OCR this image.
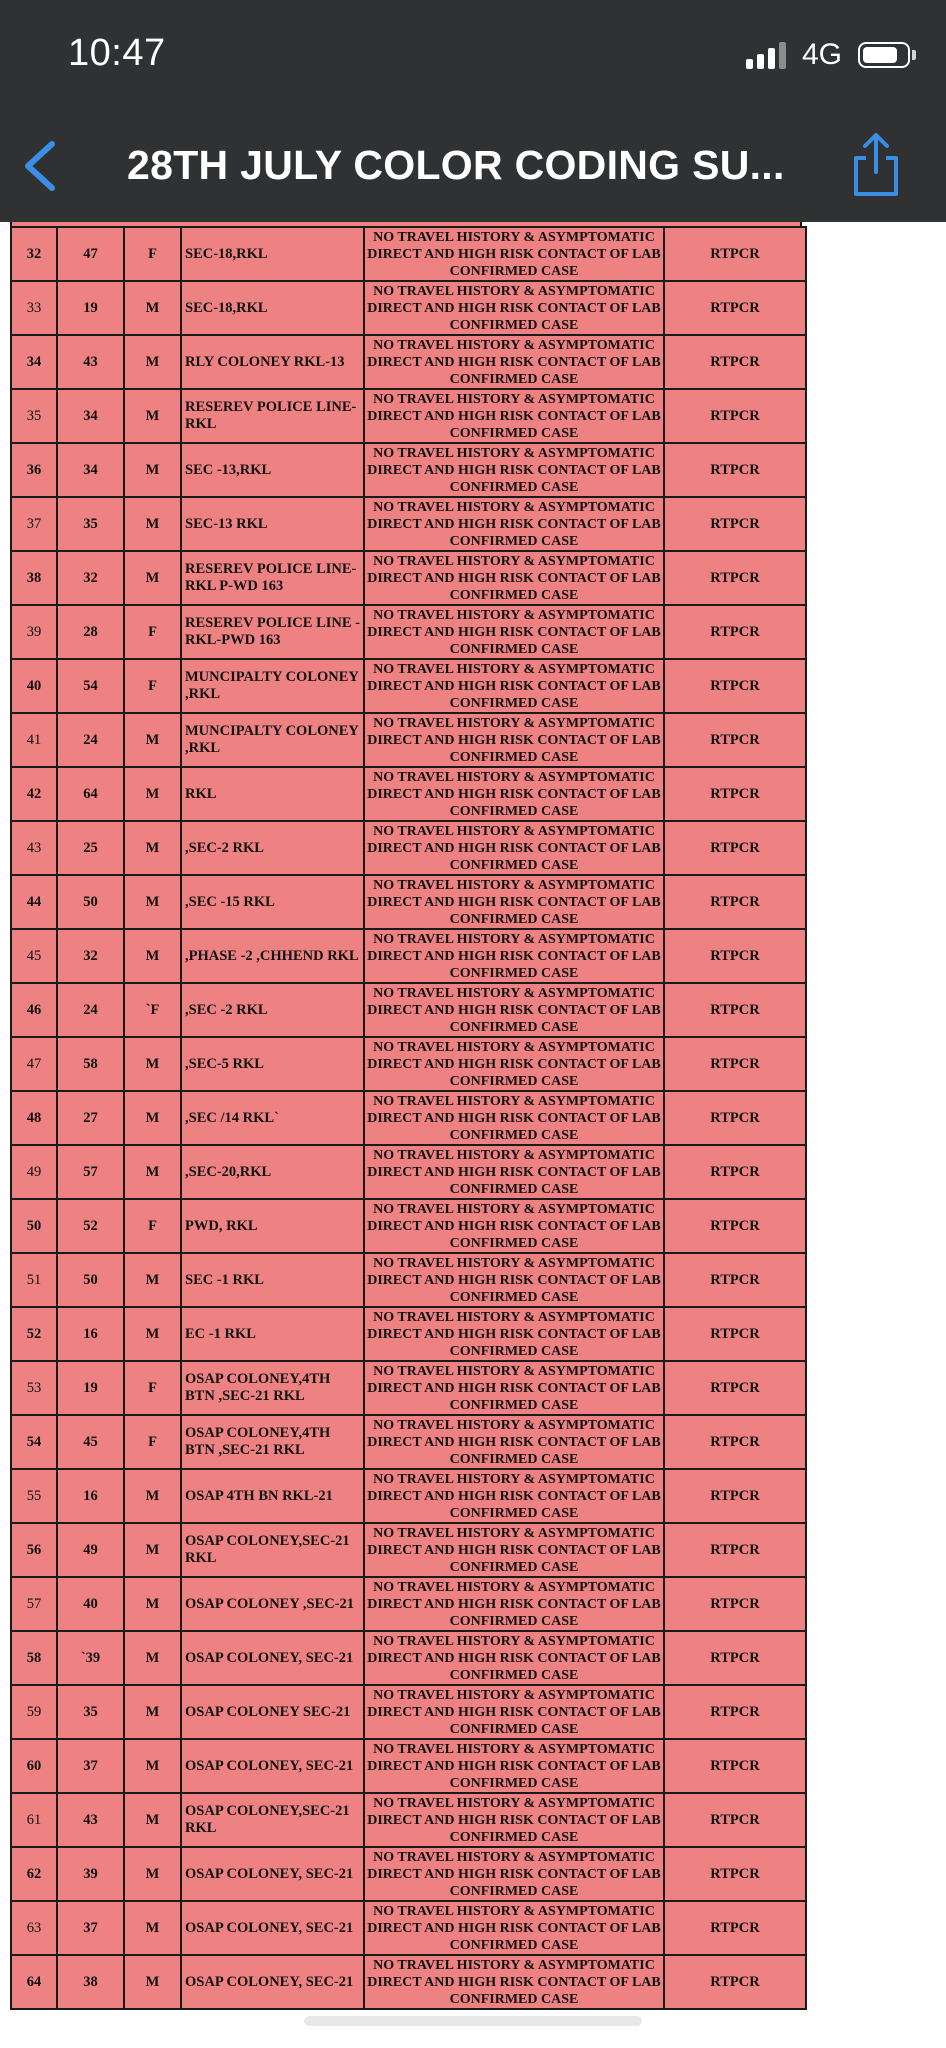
10:47	4G
28TH JULY COLOR CODING SU...
32	47	F	SEC-18,RKL	NO TRAVEL HISTORY & ASYMPTOMATIC DIRECT AND HIGH RISK CONTACT OF LAB CONFIRMED CASE	RTPCR
33	19	M	SEC-18,RKL	NO TRAVEL HISTORY & ASYMPTOMATIC DIRECT AND HIGH RISK CONTACT OF LAB CONFIRMED CASE	RTPCR
34	43	M	RLY COLONEY RKL-13	NO TRAVEL HISTORY & ASYMPTOMATIC DIRECT AND HIGH RISK CONTACT OF LAB CONFIRMED CASE	RTPCR
35	34	M	RESEREV POLICE LINE-RKL	NO TRAVEL HISTORY & ASYMPTOMATIC DIRECT AND HIGH RISK CONTACT OF LAB CONFIRMED CASE	RTPCR
36	34	M	SEC -13,RKL	NO TRAVEL HISTORY & ASYMPTOMATIC DIRECT AND HIGH RISK CONTACT OF LAB CONFIRMED CASE	RTPCR
37	35	M	SEC-13 RKL	NO TRAVEL HISTORY & ASYMPTOMATIC DIRECT AND HIGH RISK CONTACT OF LAB CONFIRMED CASE	RTPCR
38	32	M	RESEREV POLICE LINE-RKL P-WD 163	NO TRAVEL HISTORY & ASYMPTOMATIC DIRECT AND HIGH RISK CONTACT OF LAB CONFIRMED CASE	RTPCR
39	28	F	RESEREV POLICE LINE -RKL-PWD 163	NO TRAVEL HISTORY & ASYMPTOMATIC DIRECT AND HIGH RISK CONTACT OF LAB CONFIRMED CASE	RTPCR
40	54	F	MUNCIPALTY COLONEY ,RKL	NO TRAVEL HISTORY & ASYMPTOMATIC DIRECT AND HIGH RISK CONTACT OF LAB CONFIRMED CASE	RTPCR
41	24	M	MUNCIPALTY COLONEY ,RKL	NO TRAVEL HISTORY & ASYMPTOMATIC DIRECT AND HIGH RISK CONTACT OF LAB CONFIRMED CASE	RTPCR
42	64	M	RKL	NO TRAVEL HISTORY & ASYMPTOMATIC DIRECT AND HIGH RISK CONTACT OF LAB CONFIRMED CASE	RTPCR
43	25	M	,SEC-2 RKL	NO TRAVEL HISTORY & ASYMPTOMATIC DIRECT AND HIGH RISK CONTACT OF LAB CONFIRMED CASE	RTPCR
44	50	M	,SEC -15 RKL	NO TRAVEL HISTORY & ASYMPTOMATIC DIRECT AND HIGH RISK CONTACT OF LAB CONFIRMED CASE	RTPCR
45	32	M	,PHASE -2 ,CHHEND RKL	NO TRAVEL HISTORY & ASYMPTOMATIC DIRECT AND HIGH RISK CONTACT OF LAB CONFIRMED CASE	RTPCR
46	24	`F	,SEC -2 RKL	NO TRAVEL HISTORY & ASYMPTOMATIC DIRECT AND HIGH RISK CONTACT OF LAB CONFIRMED CASE	RTPCR
47	58	M	,SEC-5 RKL	NO TRAVEL HISTORY & ASYMPTOMATIC DIRECT AND HIGH RISK CONTACT OF LAB CONFIRMED CASE	RTPCR
48	27	M	,SEC /14 RKL`	NO TRAVEL HISTORY & ASYMPTOMATIC DIRECT AND HIGH RISK CONTACT OF LAB CONFIRMED CASE	RTPCR
49	57	M	,SEC-20,RKL	NO TRAVEL HISTORY & ASYMPTOMATIC DIRECT AND HIGH RISK CONTACT OF LAB CONFIRMED CASE	RTPCR
50	52	F	PWD, RKL	NO TRAVEL HISTORY & ASYMPTOMATIC DIRECT AND HIGH RISK CONTACT OF LAB CONFIRMED CASE	RTPCR
51	50	M	SEC -1 RKL	NO TRAVEL HISTORY & ASYMPTOMATIC DIRECT AND HIGH RISK CONTACT OF LAB CONFIRMED CASE	RTPCR
52	16	M	EC -1 RKL	NO TRAVEL HISTORY & ASYMPTOMATIC DIRECT AND HIGH RISK CONTACT OF LAB CONFIRMED CASE	RTPCR
53	19	F	OSAP COLONEY,4TH BTN ,SEC-21 RKL	NO TRAVEL HISTORY & ASYMPTOMATIC DIRECT AND HIGH RISK CONTACT OF LAB CONFIRMED CASE	RTPCR
54	45	F	OSAP COLONEY,4TH BTN ,SEC-21 RKL	NO TRAVEL HISTORY & ASYMPTOMATIC DIRECT AND HIGH RISK CONTACT OF LAB CONFIRMED CASE	RTPCR
55	16	M	OSAP 4TH BN RKL-21	NO TRAVEL HISTORY & ASYMPTOMATIC DIRECT AND HIGH RISK CONTACT OF LAB CONFIRMED CASE	RTPCR
56	49	M	OSAP COLONEY,SEC-21 RKL	NO TRAVEL HISTORY & ASYMPTOMATIC DIRECT AND HIGH RISK CONTACT OF LAB CONFIRMED CASE	RTPCR
57	40	M	OSAP COLONEY ,SEC-21	NO TRAVEL HISTORY & ASYMPTOMATIC DIRECT AND HIGH RISK CONTACT OF LAB CONFIRMED CASE	RTPCR
58	`39	M	OSAP COLONEY, SEC-21	NO TRAVEL HISTORY & ASYMPTOMATIC DIRECT AND HIGH RISK CONTACT OF LAB CONFIRMED CASE	RTPCR
59	35	M	OSAP COLONEY SEC-21	NO TRAVEL HISTORY & ASYMPTOMATIC DIRECT AND HIGH RISK CONTACT OF LAB CONFIRMED CASE	RTPCR
60	37	M	OSAP COLONEY, SEC-21	NO TRAVEL HISTORY & ASYMPTOMATIC DIRECT AND HIGH RISK CONTACT OF LAB CONFIRMED CASE	RTPCR
61	43	M	OSAP COLONEY,SEC-21 RKL	NO TRAVEL HISTORY & ASYMPTOMATIC DIRECT AND HIGH RISK CONTACT OF LAB CONFIRMED CASE	RTPCR
62	39	M	OSAP COLONEY, SEC-21	NO TRAVEL HISTORY & ASYMPTOMATIC DIRECT AND HIGH RISK CONTACT OF LAB CONFIRMED CASE	RTPCR
63	37	M	OSAP COLONEY, SEC-21	NO TRAVEL HISTORY & ASYMPTOMATIC DIRECT AND HIGH RISK CONTACT OF LAB CONFIRMED CASE	RTPCR
64	38	M	OSAP COLONEY, SEC-21	NO TRAVEL HISTORY & ASYMPTOMATIC DIRECT AND HIGH RISK CONTACT OF LAB CONFIRMED CASE	RTPCR
